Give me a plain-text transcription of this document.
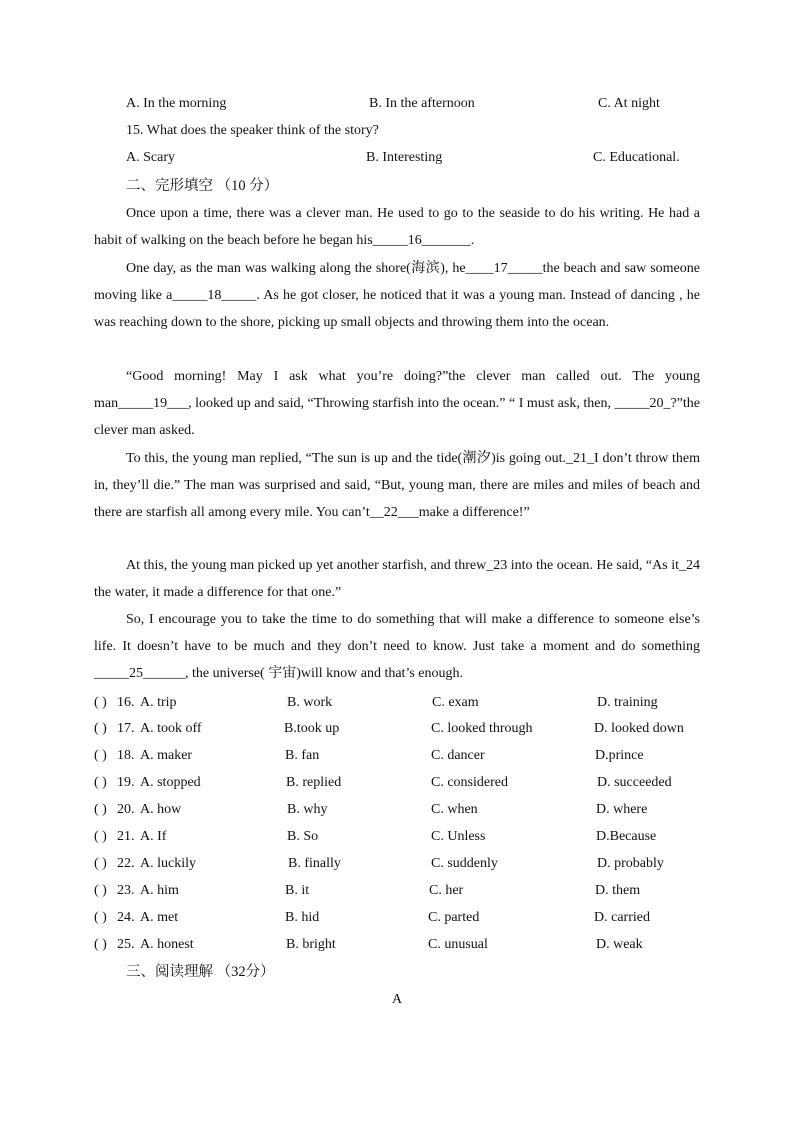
A. In the morning	B. In the afternoon	C. At night
15. What does the speaker think of the story?
A. Scary	B. Interesting	C. Educational.
二、完形填空 （10 分）
Once upon a time, there was a clever man. He used to go to the seaside to do his writing. He had a habit of walking on the beach before he began his_____16_______.
One day, as the man was walking along the shore(海滨), he____17_____the beach and saw someone moving like a_____18_____. As he got closer, he noticed that it was a young man. Instead of dancing , he was reaching down to the shore, picking up small objects and throwing them into the ocean.
“Good morning! May I ask what you’re doing?”the clever man called out. The young man_____19___, looked up and said, “Throwing starfish into the ocean.” “ I must ask, then, _____20_?”the clever man asked.
To this, the young man replied, “The sun is up and the tide(潮汐)is going out._21_I don’t throw them in, they’ll die.” The man was surprised and said, “But, young man, there are miles and miles of beach and there are starfish all among every mile. You can’t__22___make a difference!”
At this, the young man picked up yet another starfish, and threw_23 into the ocean. He said, “As it_24 the water, it made a difference for that one.”
So, I encourage you to take the time to do something that will make a difference to someone else’s life. It doesn’t have to be much and they don’t need to know. Just take a moment and do something _____25______, the universe( 宇宙)will know and that’s enough.
( ) 16. A. trip	B. work	C. exam	D. training
( ) 17. A. took off	B.took up	C. looked through	D. looked down
( ) 18. A. maker	B. fan	C. dancer	D.prince
( ) 19. A. stopped	B. replied	C. considered	D. succeeded
( ) 20. A. how	B. why	C. when	D. where
( ) 21. A. If	B. So	C. Unless	D.Because
( ) 22. A. luckily	B. finally	C. suddenly	D. probably
( ) 23. A. him	B. it	C. her	D. them
( ) 24. A. met	B. hid	C. parted	D. carried
( ) 25. A. honest	B. bright	C. unusual	D. weak
三、阅读理解 （32分）
A
